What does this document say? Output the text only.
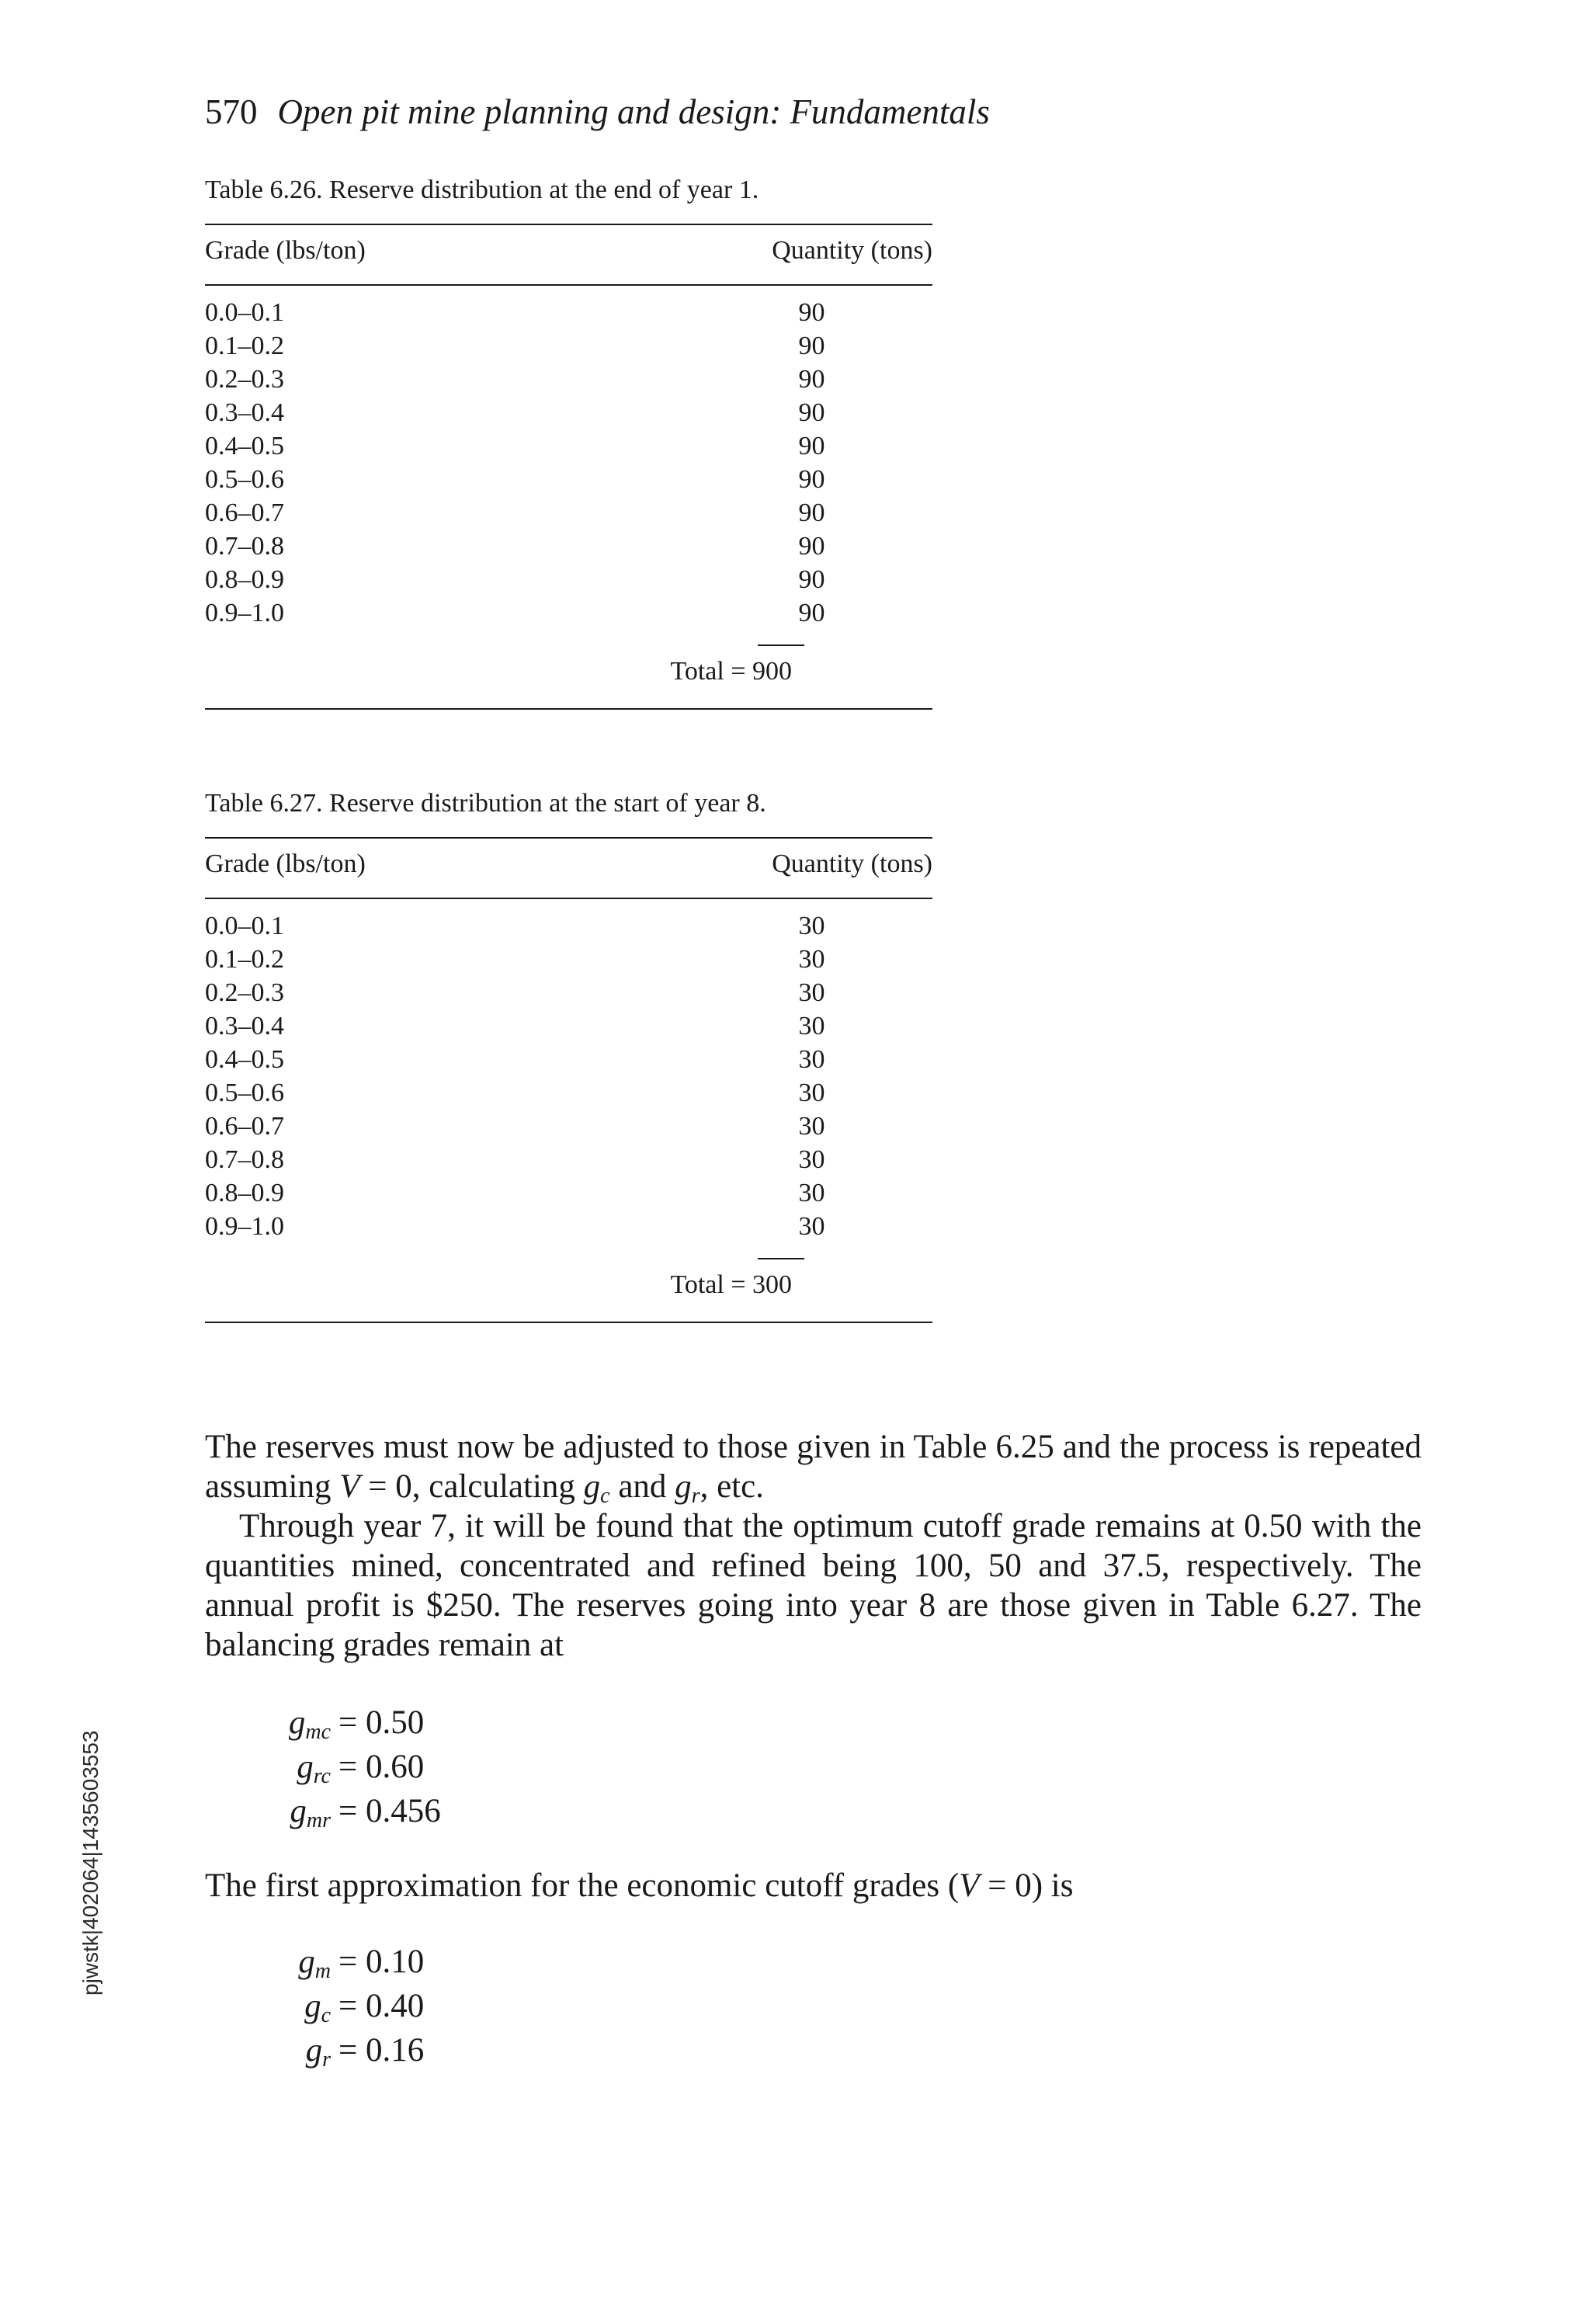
570 Open pit mine planning and design: Fundamentals
Table 6.26. Reserve distribution at the end of year 1.
Grade (lbs/ton)	Quantity (tons)
0.0–0.1	90
0.1–0.2	90
0.2–0.3	90
0.3–0.4	90
0.4–0.5	90
0.5–0.6	90
0.6–0.7	90
0.7–0.8	90
0.8–0.9	90
0.9–1.0	90
Total = 900
Table 6.27. Reserve distribution at the start of year 8.
Grade (lbs/ton)	Quantity (tons)
0.0–0.1	30
0.1–0.2	30
0.2–0.3	30
0.3–0.4	30
0.4–0.5	30
0.5–0.6	30
0.6–0.7	30
0.7–0.8	30
0.8–0.9	30
0.9–1.0	30
Total = 300

The reserves must now be adjusted to those given in Table 6.25 and the process is repeated assuming V = 0, calculating $g_c$ and $g_r$, etc.

Through year 7, it will be found that the optimum cutoff grade remains at 0.50 with the quantities mined, concentrated and refined being 100, 50 and 37.5, respectively. The annual profit is $250. The reserves going into year 8 are those given in Table 6.27. The balancing grades remain at

$g_{mc} = 0.50$
$g_{rc} = 0.60$
$g_{mr} = 0.456$

The first approximation for the economic cutoff grades (V = 0) is

$g_m = 0.10$
$g_c = 0.40$
$g_r = 0.16$
pjwstk|402064|1435603553
